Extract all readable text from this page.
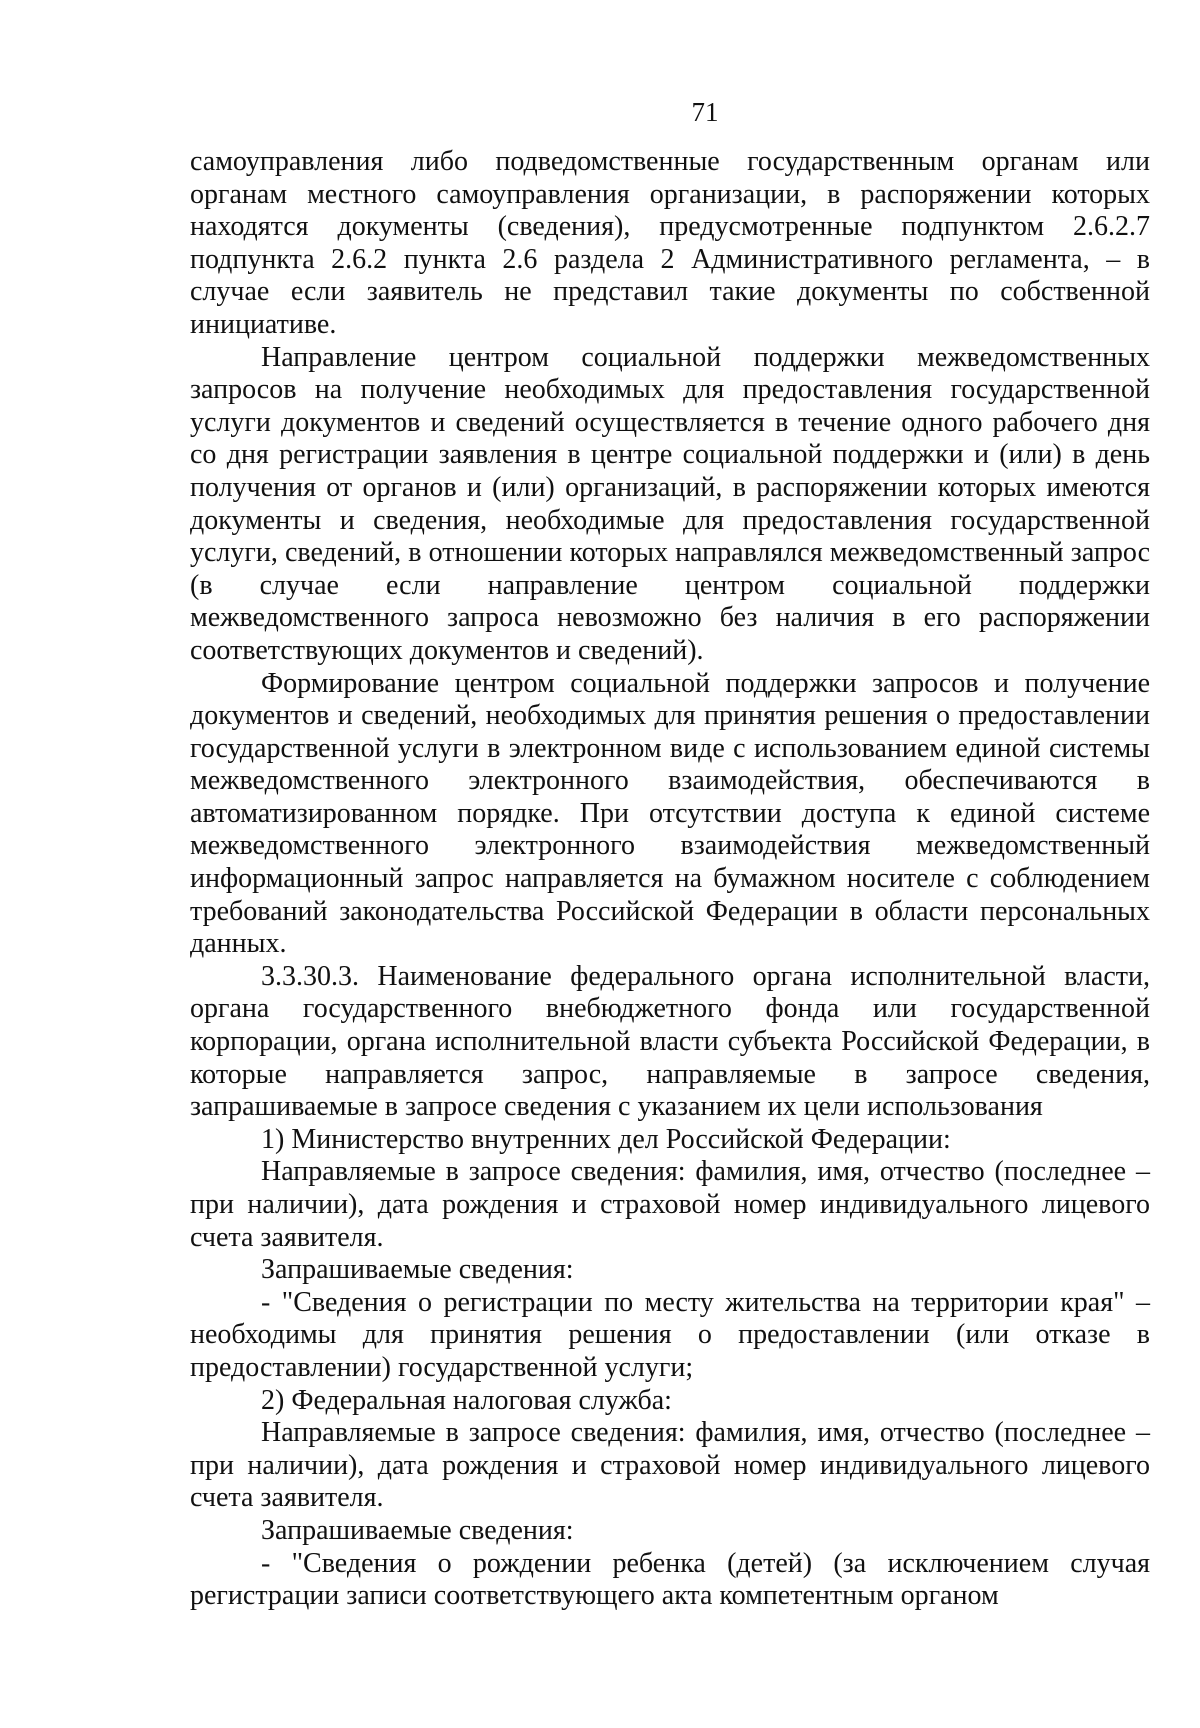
71

самоуправления либо подведомственные государственным органам или органам местного самоуправления организации, в распоряжении которых находятся документы (сведения), предусмотренные подпунктом 2.6.2.7 подпункта 2.6.2 пункта 2.6 раздела 2 Административного регламента, – в случае если заявитель не представил такие документы по собственной инициативе.

Направление центром социальной поддержки межведомственных запросов на получение необходимых для предоставления государственной услуги документов и сведений осуществляется в течение одного рабочего дня со дня регистрации заявления в центре социальной поддержки и (или) в день получения от органов и (или) организаций, в распоряжении которых имеются документы и сведения, необходимые для предоставления государственной услуги, сведений, в отношении которых направлялся межведомственный запрос (в случае если направление центром социальной поддержки межведомственного запроса невозможно без наличия в его распоряжении соответствующих документов и сведений).

Формирование центром социальной поддержки запросов и получение документов и сведений, необходимых для принятия решения о предоставлении государственной услуги в электронном виде с использованием единой системы межведомственного электронного взаимодействия, обеспечиваются в автоматизированном порядке. При отсутствии доступа к единой системе межведомственного электронного взаимодействия межведомственный информационный запрос направляется на бумажном носителе с соблюдением требований законодательства Российской Федерации в области персональных данных.

3.3.30.3. Наименование федерального органа исполнительной власти, органа государственного внебюджетного фонда или государственной корпорации, органа исполнительной власти субъекта Российской Федерации, в которые направляется запрос, направляемые в запросе сведения, запрашиваемые в запросе сведения с указанием их цели использования

1) Министерство внутренних дел Российской Федерации:

Направляемые в запросе сведения: фамилия, имя, отчество (последнее – при наличии), дата рождения и страховой номер индивидуального лицевого счета заявителя.

Запрашиваемые сведения:

- "Сведения о регистрации по месту жительства на территории края" – необходимы для принятия решения о предоставлении (или отказе в предоставлении) государственной услуги;

2) Федеральная налоговая служба:

Направляемые в запросе сведения: фамилия, имя, отчество (последнее – при наличии), дата рождения и страховой номер индивидуального лицевого счета заявителя.

Запрашиваемые сведения:

- "Сведения о рождении ребенка (детей) (за исключением случая регистрации записи соответствующего акта компетентным органом
